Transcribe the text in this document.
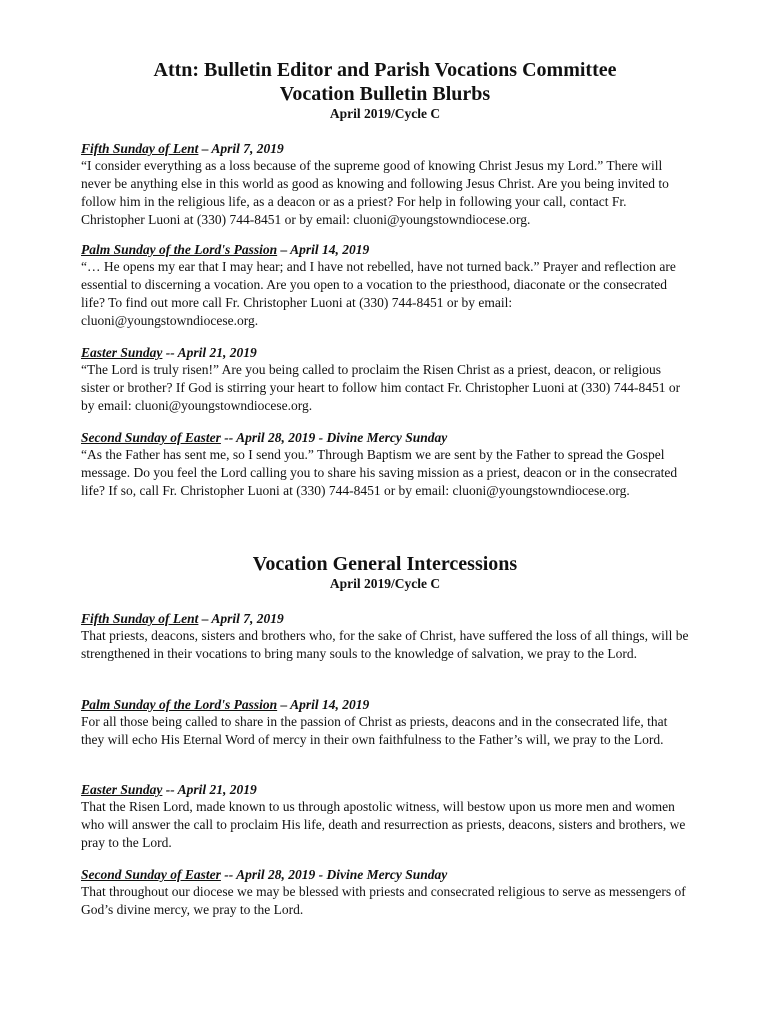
Attn: Bulletin Editor and Parish Vocations Committee
Vocation Bulletin Blurbs
April 2019/Cycle C

Fifth Sunday of Lent – April 7, 2019

“I consider everything as a loss because of the supreme good of knowing Christ Jesus my Lord.” There will never be anything else in this world as good as knowing and following Jesus Christ. Are you being invited to follow him in the religious life, as a deacon or as a priest? For help in following your call, contact Fr. Christopher Luoni at (330) 744-8451 or by email: cluoni@youngstowndiocese.org.

Palm Sunday of the Lord's Passion – April 14, 2019

“… He opens my ear that I may hear; and I have not rebelled, have not turned back.” Prayer and reflection are essential to discerning a vocation. Are you open to a vocation to the priesthood, diaconate or the consecrated life? To find out more call Fr. Christopher Luoni at (330) 744-8451 or by email: cluoni@youngstowndiocese.org.

Easter Sunday -- April 21, 2019

“The Lord is truly risen!” Are you being called to proclaim the Risen Christ as a priest, deacon, or religious sister or brother? If God is stirring your heart to follow him contact Fr. Christopher Luoni at (330) 744-8451 or by email: cluoni@youngstowndiocese.org.

Second Sunday of Easter -- April 28, 2019 - Divine Mercy Sunday

“As the Father has sent me, so I send you.” Through Baptism we are sent by the Father to spread the Gospel message. Do you feel the Lord calling you to share his saving mission as a priest, deacon or in the consecrated life? If so, call Fr. Christopher Luoni at (330) 744-8451 or by email: cluoni@youngstowndiocese.org.

Vocation General Intercessions
April 2019/Cycle C

Fifth Sunday of Lent – April 7, 2019

That priests, deacons, sisters and brothers who, for the sake of Christ, have suffered the loss of all things, will be strengthened in their vocations to bring many souls to the knowledge of salvation, we pray to the Lord.

Palm Sunday of the Lord's Passion – April 14, 2019

For all those being called to share in the passion of Christ as priests, deacons and in the consecrated life, that they will echo His Eternal Word of mercy in their own faithfulness to the Father’s will, we pray to the Lord.

Easter Sunday -- April 21, 2019

That the Risen Lord, made known to us through apostolic witness, will bestow upon us more men and women who will answer the call to proclaim His life, death and resurrection as priests, deacons, sisters and brothers, we pray to the Lord.

Second Sunday of Easter -- April 28, 2019 - Divine Mercy Sunday

That throughout our diocese we may be blessed with priests and consecrated religious to serve as messengers of God’s divine mercy, we pray to the Lord.
